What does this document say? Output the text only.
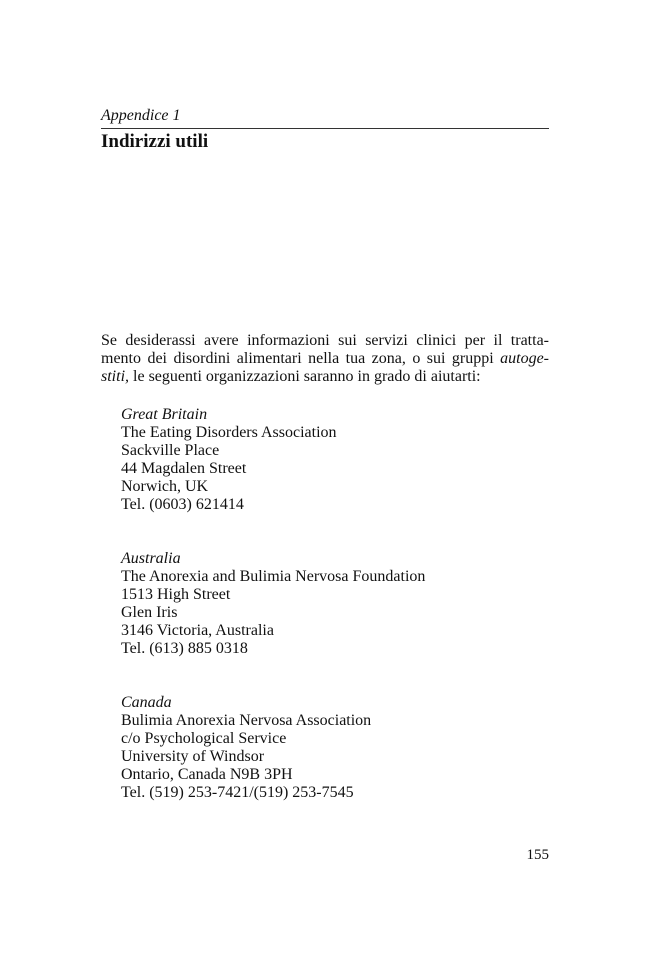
Appendice 1
Indirizzi utili
Se desiderassi avere informazioni sui servizi clinici per il tratta-
mento dei disordini alimentari nella tua zona, o sui gruppi autoge-
stiti, le seguenti organizzazioni saranno in grado di aiutarti:
Great Britain
The Eating Disorders Association
Sackville Place
44 Magdalen Street
Norwich, UK
Tel. (0603) 621414
Australia
The Anorexia and Bulimia Nervosa Foundation
1513 High Street
Glen Iris
3146 Victoria, Australia
Tel. (613) 885 0318
Canada
Bulimia Anorexia Nervosa Association
c/o Psychological Service
University of Windsor
Ontario, Canada N9B 3PH
Tel. (519) 253-7421/(519) 253-7545
155
